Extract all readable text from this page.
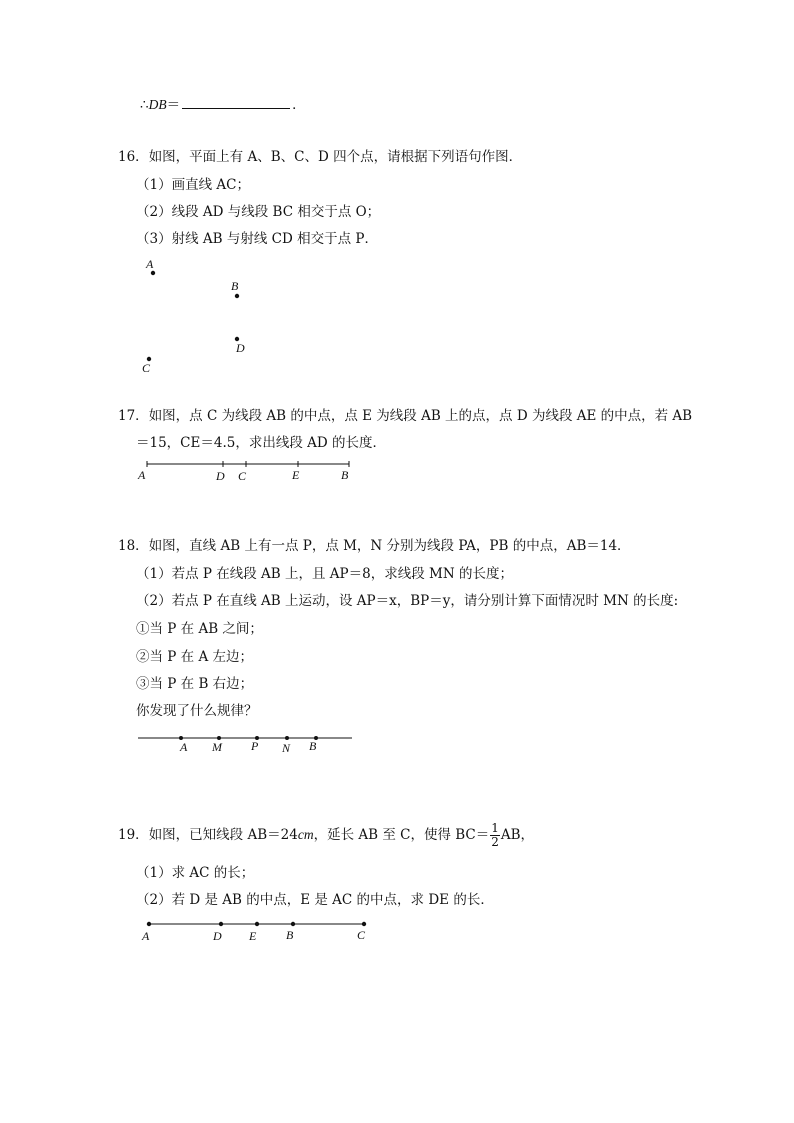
∴DB＝	．
16．如图，平面上有 A、B、C、D 四个点，请根据下列语句作图．
（1）画直线 AC；
（2）线段 AD 与线段 BC 相交于点 O；
（3）射线 AB 与射线 CD 相交于点 P．
A
B
D
C
A	D C	E	B
A M P N B
A	D E B	C
17．如图，点 C 为线段 AB 的中点，点 E 为线段 AB 上的点，点 D 为线段 AE 的中点，若 AB
＝15，CE＝4.5，求出线段 AD 的长度．
18．如图，直线 AB 上有一点 P，点 M，N 分别为线段 PA，PB 的中点，AB＝14．
（1）若点 P 在线段 AB 上，且 AP＝8，求线段 MN 的长度；
（2）若点 P 在直线 AB 上运动，设 AP＝x，BP＝y，请分别计算下面情况时 MN 的长度:
①当 P 在 AB 之间；
②当 P 在 A 左边；
③当 P 在 B 右边；
你发现了什么规律？
19．如图，已知线段 AB＝24cm，延长 AB 至 C，使得 $BC= \frac{1}{2}$ AB，
（1）求 AC 的长；
（2）若 D 是 AB 的中点，E 是 AC 的中点，求 DE 的长．
